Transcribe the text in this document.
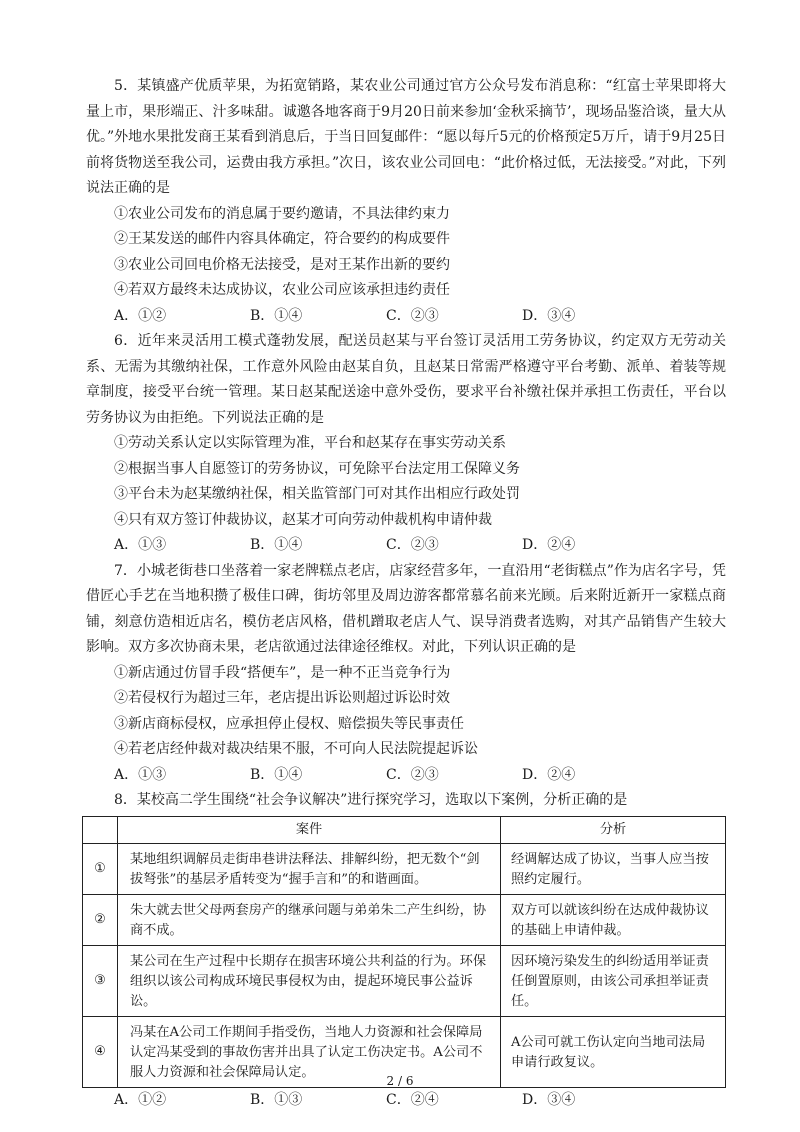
5．某镇盛产优质苹果，为拓宽销路，某农业公司通过官方公众号发布消息称：“红富士苹果即将大量上市，果形端正、汁多味甜。诚邀各地客商于9月20日前来参加‘金秋采摘节’，现场品鉴洽谈，量大从优。”外地水果批发商王某看到消息后，于当日回复邮件：“愿以每斤5元的价格预定5万斤，请于9月25日前将货物送至我公司，运费由我方承担。”次日，该农业公司回电：“此价格过低，无法接受。”对此，下列说法正确的是

①农业公司发布的消息属于要约邀请，不具法律约束力

②王某发送的邮件内容具体确定，符合要约的构成要件

③农业公司回电价格无法接受，是对王某作出新的要约

④若双方最终未达成协议，农业公司应该承担违约责任

A．①②	B．①④	C．②③	D．③④

6．近年来灵活用工模式蓬勃发展，配送员赵某与平台签订灵活用工劳务协议，约定双方无劳动关系、无需为其缴纳社保，工作意外风险由赵某自负，且赵某日常需严格遵守平台考勤、派单、着装等规章制度，接受平台统一管理。某日赵某配送途中意外受伤，要求平台补缴社保并承担工伤责任，平台以劳务协议为由拒绝。下列说法正确的是

①劳动关系认定以实际管理为准，平台和赵某存在事实劳动关系

②根据当事人自愿签订的劳务协议，可免除平台法定用工保障义务

③平台未为赵某缴纳社保，相关监管部门可对其作出相应行政处罚

④只有双方签订仲裁协议，赵某才可向劳动仲裁机构申请仲裁

A．①③	B．①④	C．②③	D．②④

7．小城老街巷口坐落着一家老牌糕点老店，店家经营多年，一直沿用“老街糕点”作为店名字号，凭借匠心手艺在当地积攒了极佳口碑，街坊邻里及周边游客都常慕名前来光顾。后来附近新开一家糕点商铺，刻意仿造相近店名，模仿老店风格，借机蹭取老店人气、误导消费者选购，对其产品销售产生较大影响。双方多次协商未果，老店欲通过法律途径维权。对此，下列认识正确的是

①新店通过仿冒手段“搭便车”，是一种不正当竞争行为

②若侵权行为超过三年，老店提出诉讼则超过诉讼时效

③新店商标侵权，应承担停止侵权、赔偿损失等民事责任

④若老店经仲裁对裁决结果不服，不可向人民法院提起诉讼

A．①③	B．①④	C．②③	D．②④

8．某校高二学生围绕“社会争议解决”进行探究学习，选取以下案例，分析正确的是

	案件	分析
①	某地组织调解员走街串巷讲法释法、排解纠纷，把无数个“剑拔弩张”的基层矛盾转变为“握手言和”的和谐画面。	经调解达成了协议，当事人应当按照约定履行。
②	朱大就去世父母两套房产的继承问题与弟弟朱二产生纠纷，协商不成。	双方可以就该纠纷在达成仲裁协议的基础上申请仲裁。
③	某公司在生产过程中长期存在损害环境公共利益的行为。环保组织以该公司构成环境民事侵权为由，提起环境民事公益诉讼。	因环境污染发生的纠纷适用举证责任倒置原则，由该公司承担举证责任。
④	冯某在A公司工作期间手指受伤，当地人力资源和社会保障局认定冯某受到的事故伤害并出具了认定工伤决定书。A公司不服人力资源和社会保障局认定。	A公司可就工伤认定向当地司法局申请行政复议。
A．①②	B．①③	C．②④	D．③④
2 / 6
